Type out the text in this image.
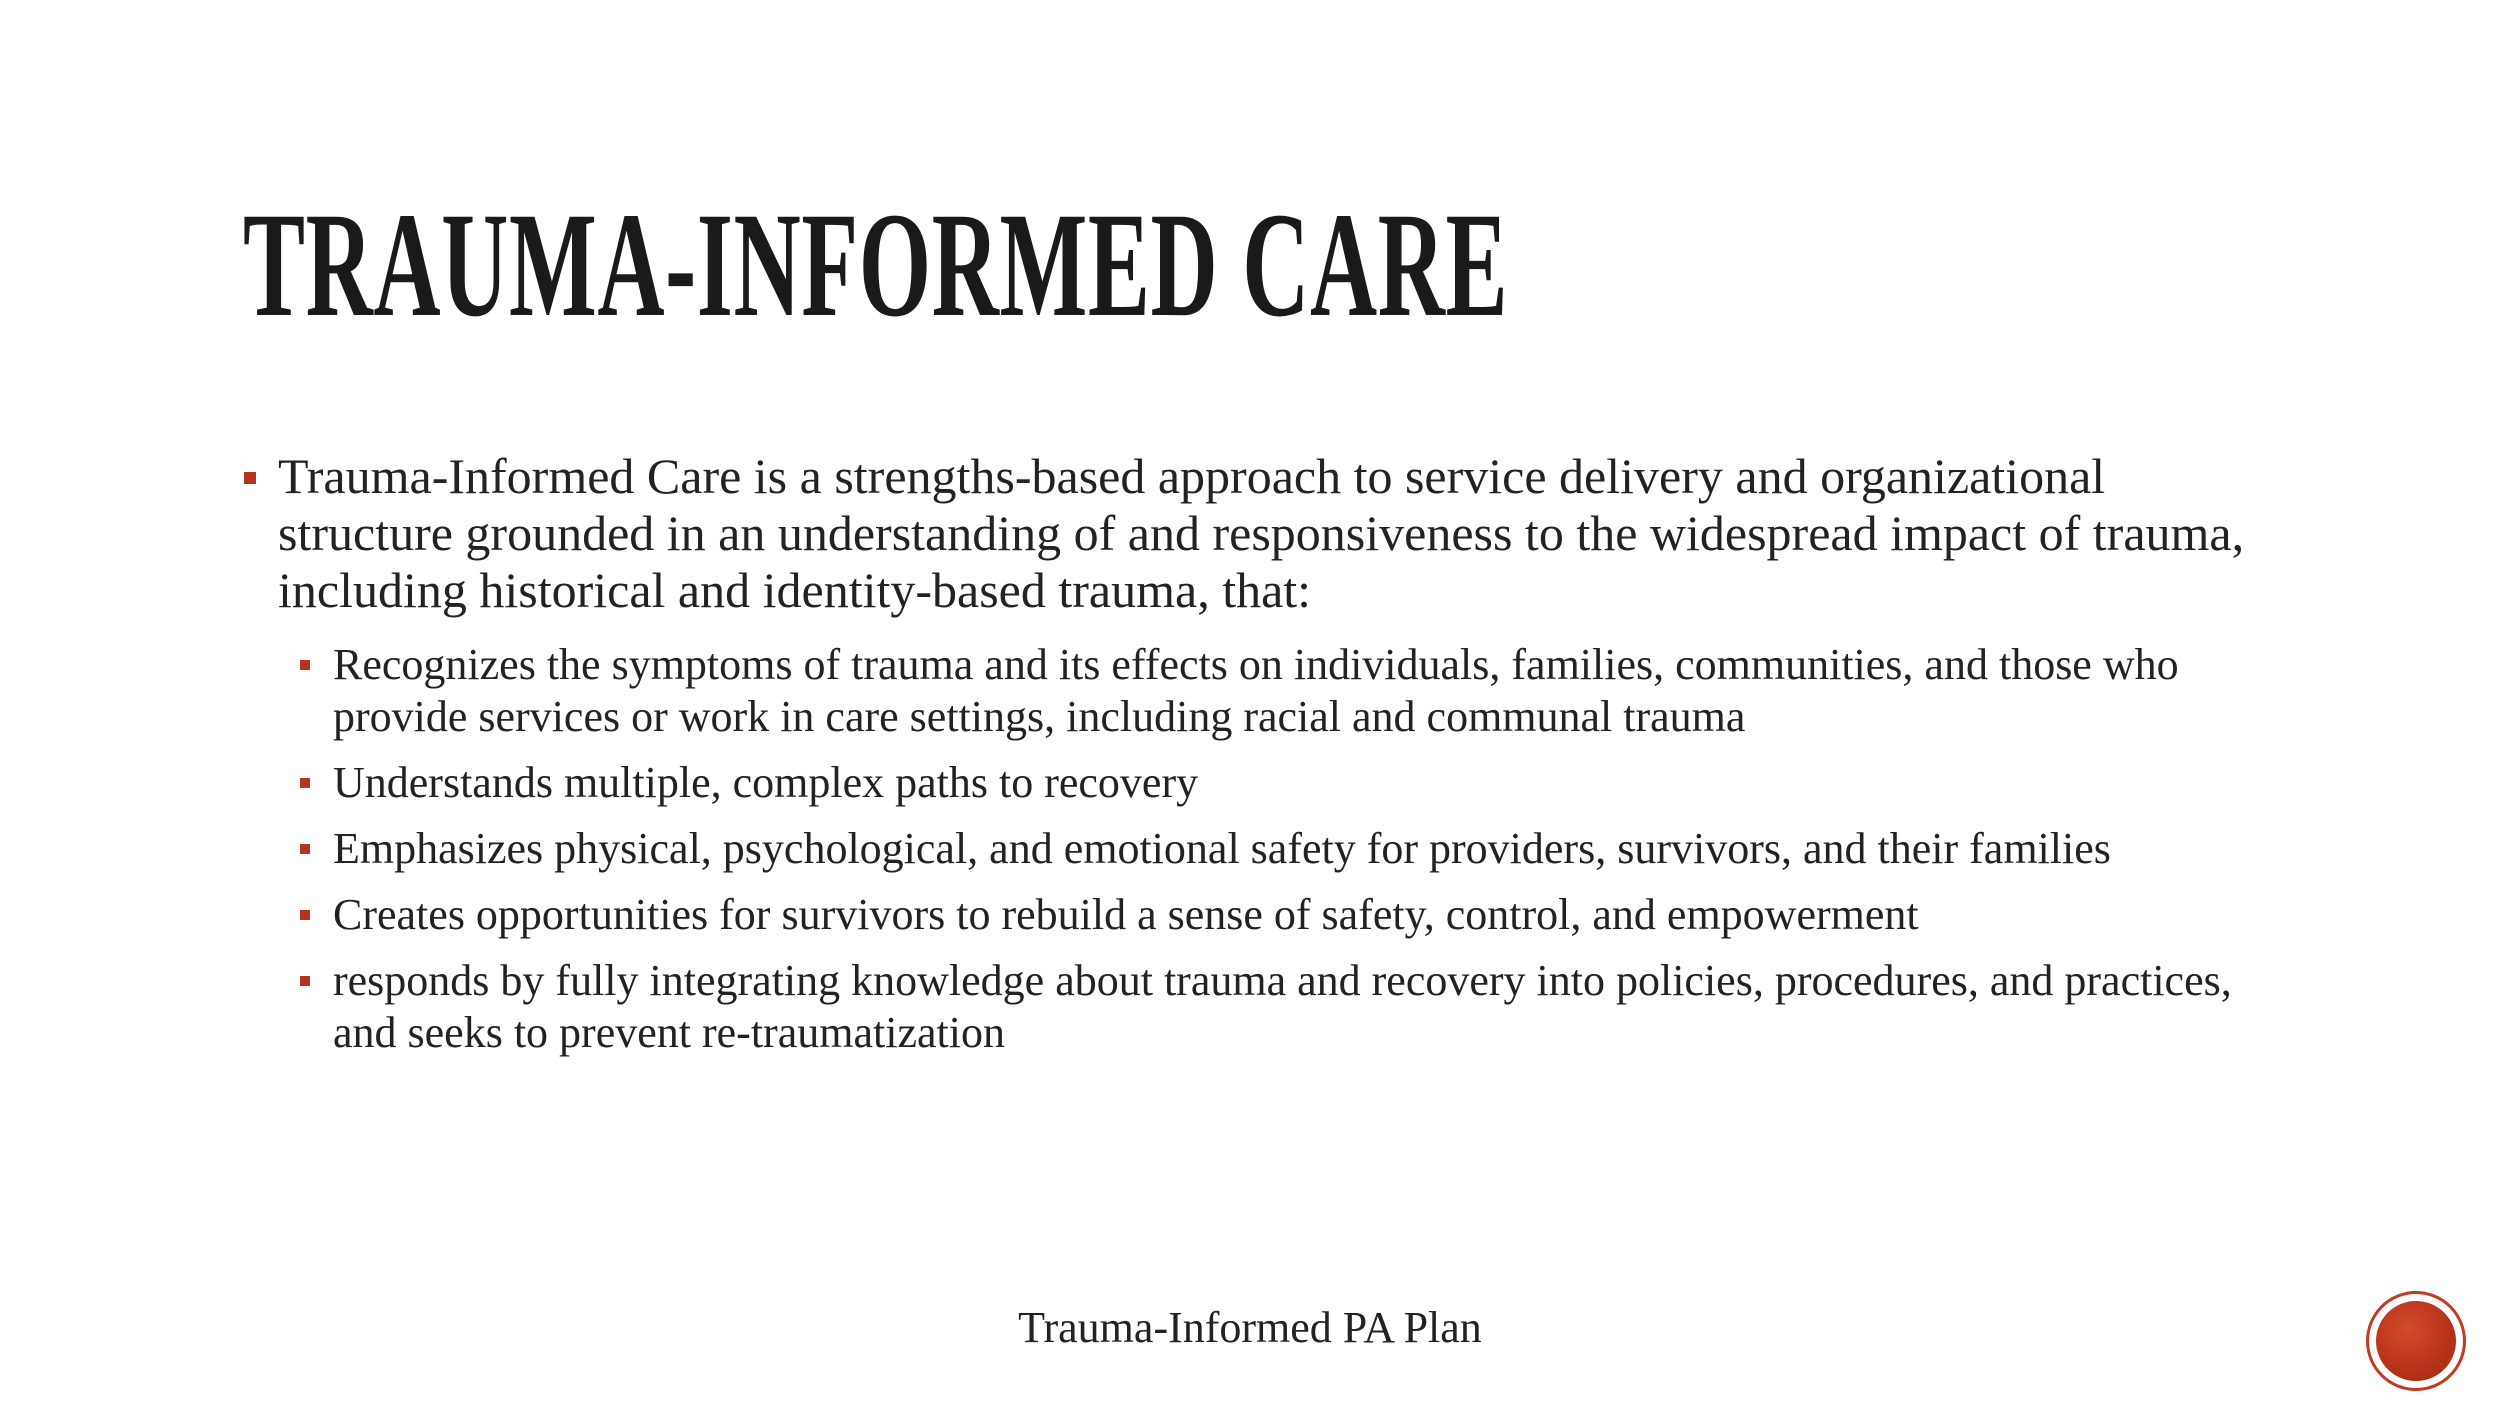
TRAUMA-INFORMED CARE
Trauma-Informed Care is a strengths-based approach to service delivery and organizational structure grounded in an understanding of and responsiveness to the widespread impact of trauma, including historical and identity-based trauma, that:
Recognizes the symptoms of trauma and its effects on individuals, families, communities, and those who provide services or work in care settings, including racial and communal trauma
Understands multiple, complex paths to recovery
Emphasizes physical, psychological, and emotional safety for providers, survivors, and their families
Creates opportunities for survivors to rebuild a sense of safety, control, and empowerment
responds by fully integrating knowledge about trauma and recovery into policies, procedures, and practices, and seeks to prevent re-traumatization
Trauma-Informed PA Plan
